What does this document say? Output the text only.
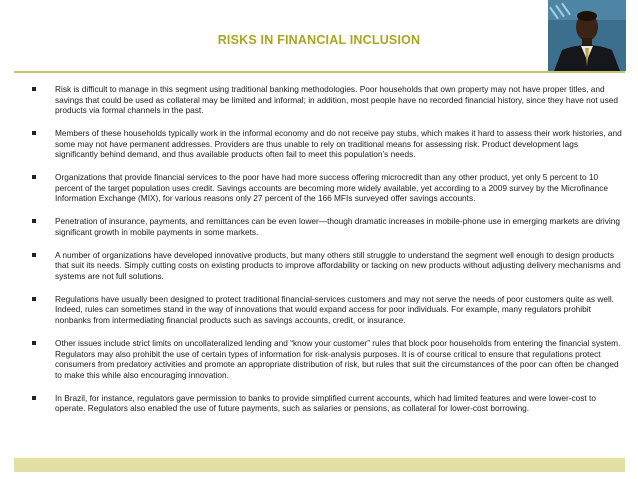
RISKS IN FINANCIAL INCLUSION
Risk is difficult to manage in this segment using traditional banking methodologies. Poor households that own property may not have proper titles, and savings that could be used as collateral may be limited and informal; in addition, most people have no recorded financial history, since they have not used products via formal channels in the past.
Members of these households typically work in the informal economy and do not receive pay stubs, which makes it hard to assess their work histories, and some may not have permanent addresses. Providers are thus unable to rely on traditional means for assessing risk. Product development lags significantly behind demand, and thus available products often fail to meet this population’s needs.
Organizations that provide financial services to the poor have had more success offering microcredit than any other product, yet only 5 percent to 10 percent of the target population uses credit. Savings accounts are becoming more widely available, yet according to a 2009 survey by the Microfinance Information Exchange (MIX), for various reasons only 27 percent of the 166 MFIs surveyed offer savings accounts.
Penetration of insurance, payments, and remittances can be even lower—though dramatic increases in mobile-phone use in emerging markets are driving significant growth in mobile payments in some markets.
A number of organizations have developed innovative products, but many others still struggle to understand the segment well enough to design products that suit its needs. Simply cutting costs on existing products to improve affordability or tacking on new products without adjusting delivery mechanisms and systems are not full solutions.
Regulations have usually been designed to protect traditional financial-services customers and may not serve the needs of poor customers quite as well. Indeed, rules can sometimes stand in the way of innovations that would expand access for poor individuals. For example, many regulators prohibit nonbanks from intermediating financial products such as savings accounts, credit, or insurance.
Other issues include strict limits on uncollateralized lending and “know your customer” rules that block poor households from entering the financial system. Regulators may also prohibit the use of certain types of information for risk-analysis purposes. It is of course critical to ensure that regulations protect consumers from predatory activities and promote an appropriate distribution of risk, but rules that suit the circumstances of the poor can often be changed to make this while also encouraging innovation.
In Brazil, for instance, regulators gave permission to banks to provide simplified current accounts, which had limited features and were lower-cost to operate. Regulators also enabled the use of future payments, such as salaries or pensions, as collateral for lower-cost borrowing.
